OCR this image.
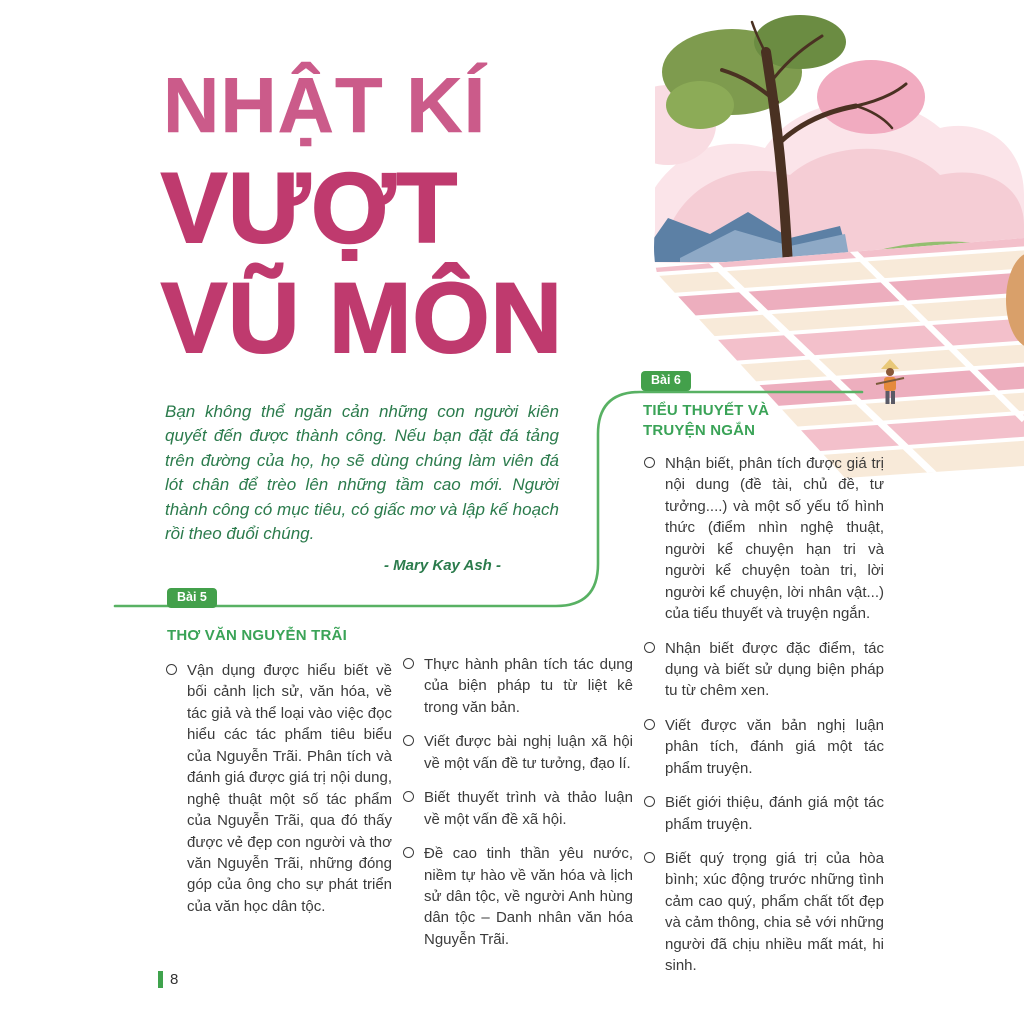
NHẬT KÍ
VƯỢT
VŨ MÔN
Bạn không thể ngăn cản những con người kiên quyết đến được thành công. Nếu bạn đặt đá tảng trên đường của họ, họ sẽ dùng chúng làm viên đá lót chân để trèo lên những tầm cao mới. Người thành công có mục tiêu, có giấc mơ và lập kế hoạch rồi theo đuổi chúng.
- Mary Kay Ash -
Bài 5
THƠ VĂN NGUYỄN TRÃI
Vận dụng được hiểu biết về bối cảnh lịch sử, văn hóa, về tác giả và thể loại vào việc đọc hiểu các tác phẩm tiêu biểu của Nguyễn Trãi. Phân tích và đánh giá được giá trị nội dung, nghệ thuật một số tác phẩm của Nguyễn Trãi, qua đó thấy được vẻ đẹp con người và thơ văn Nguyễn Trãi, những đóng góp của ông cho sự phát triển của văn học dân tộc.
Thực hành phân tích tác dụng của biện pháp tu từ liệt kê trong văn bản.
Viết được bài nghị luận xã hội về một vấn đề tư tưởng, đạo lí.
Biết thuyết trình và thảo luận về một vấn đề xã hội.
Đề cao tinh thần yêu nước, niềm tự hào về văn hóa và lịch sử dân tộc, về người Anh hùng dân tộc – Danh nhân văn hóa Nguyễn Trãi.
Bài 6
TIỂU THUYẾT VÀ TRUYỆN NGẮN
Nhận biết, phân tích được giá trị nội dung (đề tài, chủ đề, tư tưởng....) và một số yếu tố hình thức (điểm nhìn nghệ thuật, người kể chuyện hạn tri và người kể chuyện toàn tri, lời người kể chuyện, lời nhân vật...) của tiểu thuyết và truyện ngắn.
Nhận biết được đặc điểm, tác dụng và biết sử dụng biện pháp tu từ chêm xen.
Viết được văn bản nghị luận phân tích, đánh giá một tác phẩm truyện.
Biết giới thiệu, đánh giá một tác phẩm truyện.
Biết quý trọng giá trị của hòa bình; xúc động trước những tình cảm cao quý, phẩm chất tốt đẹp và cảm thông, chia sẻ với những người đã chịu nhiều mất mát, hi sinh.
8
